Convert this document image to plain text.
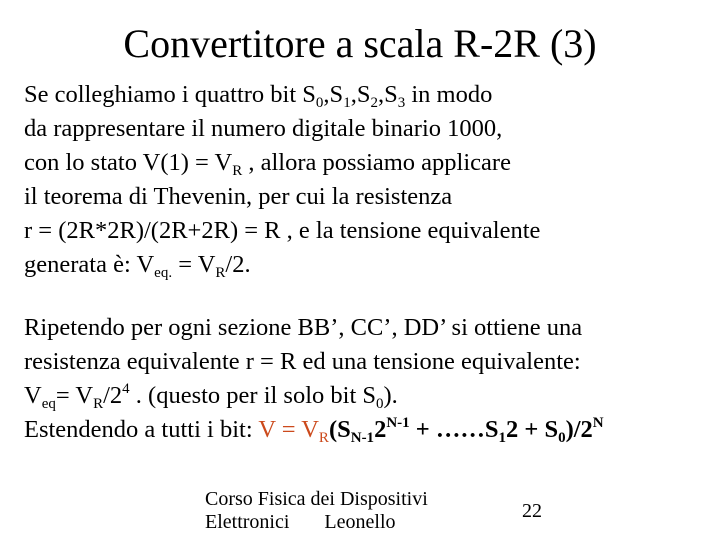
Convertitore a scala R-2R (3)
Se colleghiamo i quattro bit $S_0,S_1,S_2,S_3$ in modo
da rappresentare il numero digitale binario 1000,
con lo stato $V(1) = V_R$ , allora possiamo applicare
il teorema di Thevenin, per cui la resistenza
r = (2R*2R)/(2R+2R) = R , e la tensione equivalente
generata è: $V_{eq.} = V_R/2$.
Ripetendo per ogni sezione BB’, CC’, DD’ si ottiene una
resistenza equivalente r = R ed una tensione equivalente:
$V_{eq}= V_R/2^4$ . (questo per il solo bit $S_0$).
Estendendo a tutti i bit: $V = V_R(S_{N-1}2^{N-1}$ + $\dots\dots S_12 + S_0)/2^N$
Corso Fisica dei Dispositivi
Elettronici       Leonello	22
